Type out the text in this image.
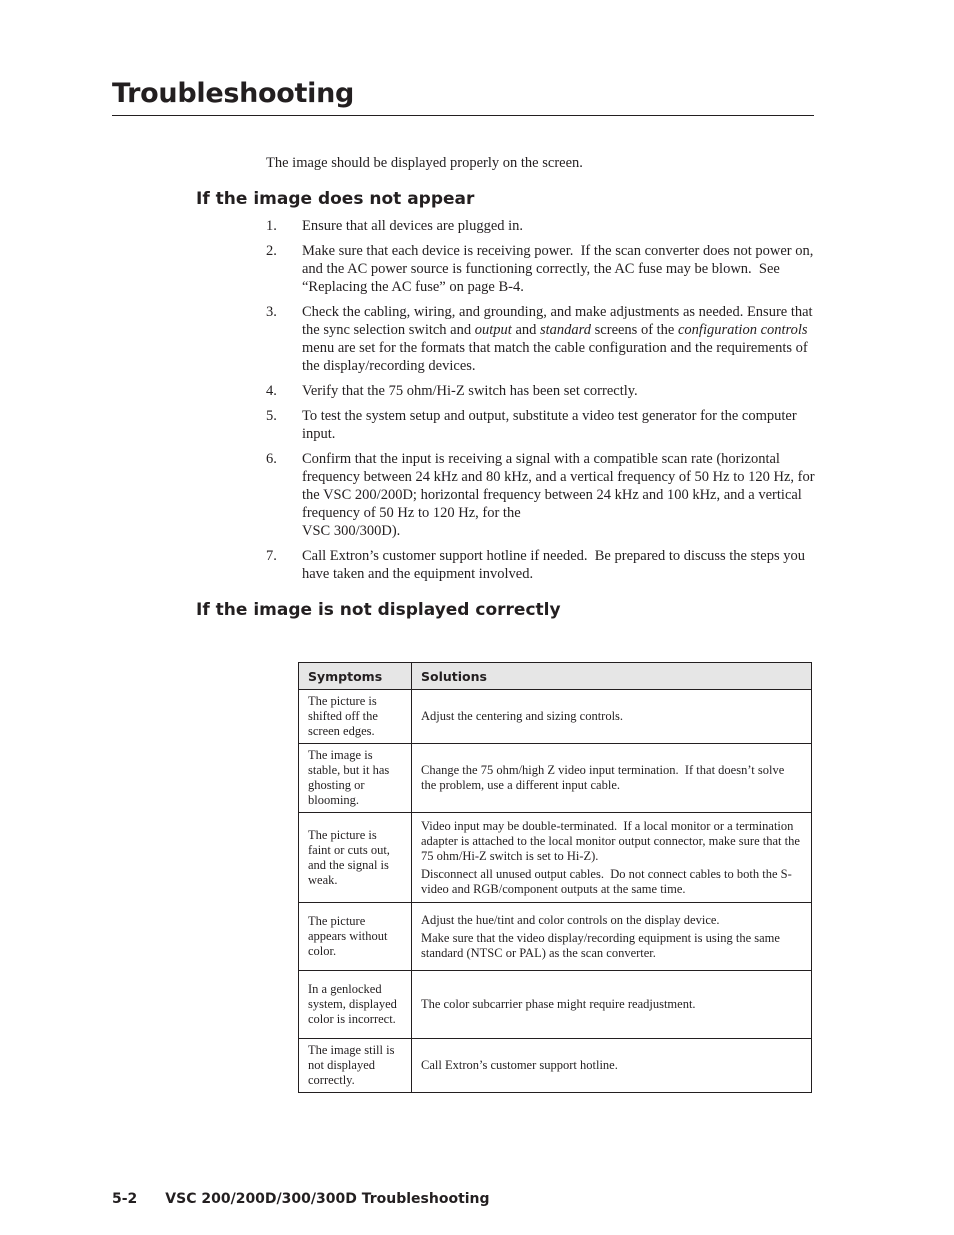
Troubleshooting

The image should be displayed properly on the screen.

If the image does not appear
1. Ensure that all devices are plugged in.
2. Make sure that each device is receiving power.  If the scan converter does not power on, and the AC power source is functioning correctly, the AC fuse may be blown.  See “Replacing the AC fuse” on page B-4.
3. Check the cabling, wiring, and grounding, and make adjustments as needed. Ensure that the sync selection switch and output and standard screens of the configuration controls menu are set for the formats that match the cable configuration and the requirements of the display/recording devices.
4. Verify that the 75 ohm/Hi-Z switch has been set correctly.
5. To test the system setup and output, substitute a video test generator for the computer input.
6. Confirm that the input is receiving a signal with a compatible scan rate (horizontal frequency between 24 kHz and 80 kHz, and a vertical frequency of 50 Hz to 120 Hz, for the VSC 200/200D; horizontal frequency between 24 kHz and 100 kHz, and a vertical frequency of 50 Hz to 120 Hz, for the
VSC 300/300D).
7. Call Extron’s customer support hotline if needed.  Be prepared to discuss the steps you have taken and the equipment involved.
If the image is not displayed correctly
Symptoms	Solutions
The picture is shifted off the screen edges.	Adjust the centering and sizing controls.

The image is stable, but it has ghosting or blooming.	Change the 75 ohm/high Z video input termination.  If that doesn’t solve the problem, use a different input cable.

The picture is faint or cuts out, and the signal is weak.	Video input may be double-terminated.  If a local monitor or a termination adapter is attached to the local monitor output connector, make sure that the 75 ohm/Hi-Z switch is set to Hi-Z).

Disconnect all unused output cables.  Do not connect cables to both the S-video and RGB/component outputs at the same time.

The picture appears without color.	Adjust the hue/tint and color controls on the display device.

Make sure that the video display/recording equipment is using the same standard (NTSC or PAL) as the scan converter.

In a genlocked system, displayed color is incorrect.	The color subcarrier phase might require readjustment.

The image still is not displayed correctly.	Call Extron’s customer support hotline.

5-2 VSC 200/200D/300/300D Troubleshooting
